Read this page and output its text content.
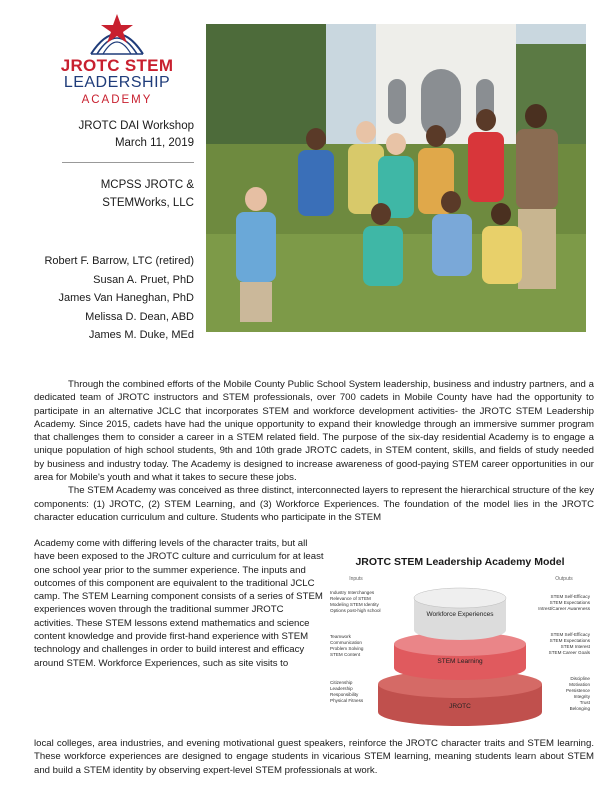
JROTC STEM
LEADERSHIP
ACADEMY
JROTC DAI Workshop
March 11, 2019
MCPSS JROTC &
STEMWorks, LLC
Robert F. Barrow, LTC (retired)
Susan A. Pruet, PhD
James Van Haneghan, PhD
Melissa D. Dean, ABD
James M. Duke, MEd

Through the combined efforts of the Mobile County Public School System leadership, business and industry partners, and a dedicated team of JROTC instructors and STEM professionals, over 700 cadets in Mobile County have had the opportunity to participate in an alternative JCLC that incorporates STEM and workforce development activities- the JROTC STEM Leadership Academy. Since 2015, cadets have had the unique opportunity to expand their knowledge through an immersive summer program that challenges them to consider a career in a STEM related field. The purpose of the six-day residential Academy is to engage a unique population of high school students, 9th and 10th grade JROTC cadets, in STEM content, skills, and fields of study needed by business and industry today. The Academy is designed to increase awareness of good-paying STEM career opportunities in our area for Mobile's youth and what it takes to secure these jobs.

The STEM Academy was conceived as three distinct, interconnected layers to represent the hierarchical structure of the key components: (1) JROTC, (2) STEM Learning, and (3) Workforce Experiences. The foundation of the model lies in the JROTC character education curriculum and culture. Students who participate in the STEM

Academy come with differing levels of the character traits, but all have been exposed to the JROTC culture and curriculum for at least one school year prior to the summer experience. The inputs and outcomes of this component are equivalent to the traditional JCLC camp. The STEM Learning component consists of a series of STEM experiences woven through the traditional summer JROTC activities. These STEM lessons extend mathematics and science content knowledge and provide first-hand experience with STEM technology and challenges in order to build interest and efficacy around STEM. Workforce Experiences, such as site visits to
local colleges, area industries, and evening motivational guest speakers, reinforce the JROTC character traits and STEM learning. These workforce experiences are designed to engage students in vicarious STEM learning, meaning students learn about STEM and build a STEM identity by observing expert-level STEM professionals at work.
JROTC STEM Leadership Academy Model
Inputs	Outputs
JROTC
STEM Learning
Workforce Experiences
Industry Interchanges
Relevance of STEM
Modeling STEM Identity
Options post-high school
Teamwork
Communication
Problem Solving
STEM Content
Citizenship
Leadership
Responsibility
Physical Fitness
STEM Self-Efficacy
STEM Expectations
Intrest/Career Awareness
STEM Self-Efficacy
STEM Expectations
STEM Interest
STEM Career Goals
Discipline
Motivation
Persistence
Integrity
Trust
Belonging
